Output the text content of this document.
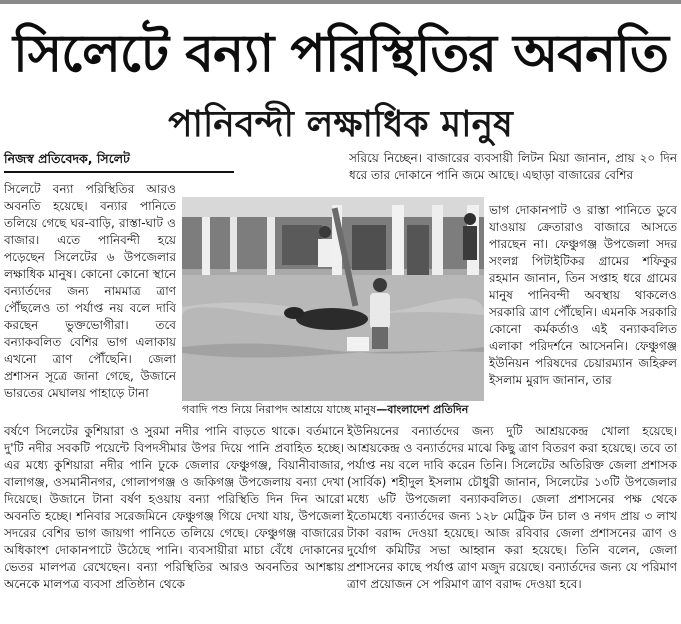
সিলেটে বন্যা পরিস্থিতির অবনতি
পানিবন্দী লক্ষাধিক মানুষ
নিজস্ব প্রতিবেদক, সিলেট
সিলেটে বন্যা পরিস্থিতির আরও অবনতি হয়েছে। বন্যার পানিতে তলিয়ে গেছে ঘর-বাড়ি, রাস্তা-ঘাট ও বাজার। এতে পানিবন্দী হয়ে পড়েছেন সিলেটের ৬ উপজেলার লক্ষাধিক মানুষ। কোনো কোনো স্থানে বন্যার্তদের জন্য নামমাত্র ত্রাণ পৌঁছলেও তা পর্যাপ্ত নয় বলে দাবি করছেন ভুক্তভোগীরা। তবে বন্যাকবলিত বেশির ভাগ এলাকায় এখনো ত্রাণ পৌঁছেনি। জেলা প্রশাসন সূত্রে জানা গেছে, উজানে ভারতের মেঘালয় পাহাড়ে টানা
গবাদি পশু নিয়ে নিরাপদ আশ্রয়ে যাচ্ছে মানুষ—বাংলাদেশ প্রতিদিন
সরিয়ে নিচ্ছেন। বাজারের ব্যবসায়ী লিটন মিয়া জানান, প্রায় ২০ দিন ধরে তার দোকানে পানি জমে আছে। এছাড়া বাজারের বেশির
ভাগ দোকানপাট ও রাস্তা পানিতে ডুবে যাওয়ায় ক্রেতারাও বাজারে আসতে পারছেন না। ফেঞ্চুগঞ্জ উপজেলা সদর সংলগ্ন পিটাইটিকর গ্রামের শফিকুর রহমান জানান, তিন সপ্তাহ ধরে গ্রামের মানুষ পানিবন্দী অবস্থায় থাকলেও সরকারি ত্রাণ পৌঁছেনি। এমনকি সরকারি কোনো কর্মকর্তাও এই বন্যাকবলিত এলাকা পরিদর্শনে আসেননি। ফেঞ্চুগঞ্জ ইউনিয়ন পরিষদের চেয়ারম্যান জহিরুল ইসলাম মুরাদ জানান, তার
বর্ষণে সিলেটের কুশিয়ারা ও সুরমা নদীর পানি বাড়তে থাকে। বর্তমানে দু'টি নদীর সবকটি পয়েন্টে বিপদসীমার উপর দিয়ে পানি প্রবাহিত হচ্ছে। এর মধ্যে কুশিয়ারা নদীর পানি ঢুকে জেলার ফেঞ্চুগঞ্জ, বিয়ানীবাজার, বালাগঞ্জ, ওসমানীনগর, গোলাপগঞ্জ ও জকিগঞ্জ উপজেলায় বন্যা দেখা দিয়েছে। উজানে টানা বর্ষণ হওয়ায় বন্যা পরিস্থিতি দিন দিন আরো অবনতি হচ্ছে। শনিবার সরেজমিনে ফেঞ্চুগঞ্জ গিয়ে দেখা যায়, উপজেলা সদরের বেশির ভাগ জায়গা পানিতে তলিয়ে গেছে। ফেঞ্চুগঞ্জ বাজারের অধিকাংশ দোকানপাটে উঠেছে পানি। ব্যবসায়ীরা মাচা বেঁধে দোকানের ভেতর মালপত্র রেখেছেন। বন্যা পরিস্থিতির আরও অবনতির আশঙ্কায় অনেকে মালপত্র ব্যবসা প্রতিষ্ঠান থেকে
ইউনিয়নের বন্যার্তদের জন্য দুটি আশ্রয়কেন্দ্র খোলা হয়েছে। আশ্রয়কেন্দ্র ও বন্যার্তদের মাঝে কিছু ত্রাণ বিতরণ করা হয়েছে। তবে তা পর্যাপ্ত নয় বলে দাবি করেন তিনি। সিলেটের অতিরিক্ত জেলা প্রশাসক (সার্বিক) শহীদুল ইসলাম চৌধুরী জানান, সিলেটের ১৩টি উপজেলার মধ্যে ৬টি উপজেলা বন্যাকবলিত। জেলা প্রশাসনের পক্ষ থেকে ইতোমধ্যে বন্যার্তদের জন্য ১২৮ মেট্রিক টন চাল ও নগদ প্রায় ৩ লাখ টাকা বরাদ্দ দেওয়া হয়েছে। আজ রবিবার জেলা প্রশাসনের ত্রাণ ও দুর্যোগ কমিটির সভা আহ্বান করা হয়েছে। তিনি বলেন, জেলা প্রশাসনের কাছে পর্যাপ্ত ত্রাণ মজুদ রয়েছে। বন্যার্তদের জন্য যে পরিমাণ ত্রাণ প্রয়োজন সে পরিমাণ ত্রাণ বরাদ্দ দেওয়া হবে।
